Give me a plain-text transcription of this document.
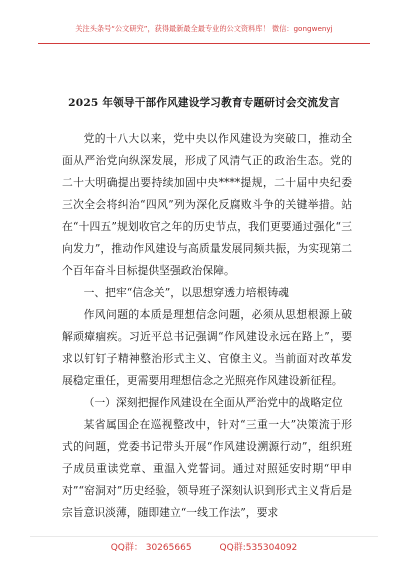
关注头条号“公文研究”，获得最新最全最专业的公文资料库！ 微信：gongwenyj
2025 年领导干部作风建设学习教育专题研讨会交流发言

党的十八大以来，党中央以作风建设为突破口，推动全面从严治党向纵深发展，形成了风清气正的政治生态。党的二十大明确提出要持续加固中央****提规，二十届中央纪委三次全会将纠治“四风”列为深化反腐败斗争的关键举措。站在“十四五”规划收官之年的历史节点，我们更要通过强化“三向发力”，推动作风建设与高质量发展同频共振，为实现第二个百年奋斗目标提供坚强政治保障。

一、把牢“信念关”，以思想穿透力培根铸魂

作风问题的本质是理想信念问题，必须从思想根源上破解顽瘴痼疾。习近平总书记强调“作风建设永远在路上”，要求以钉钉子精神整治形式主义、官僚主义。当前面对改革发展稳定重任，更需要用理想信念之光照亮作风建设新征程。

（一）深刻把握作风建设在全面从严治党中的战略定位

某省属国企在巡视整改中，针对“三重一大”决策流于形式的问题，党委书记带头开展“作风建设溯源行动”，组织班子成员重读党章、重温入党誓词。通过对照延安时期“甲申对”“窑洞对”历史经验，领导班子深刻认识到形式主义背后是宗旨意识淡薄，随即建立“一线工作法”，要求

QQ群： 30265665	QQ群:535304092
